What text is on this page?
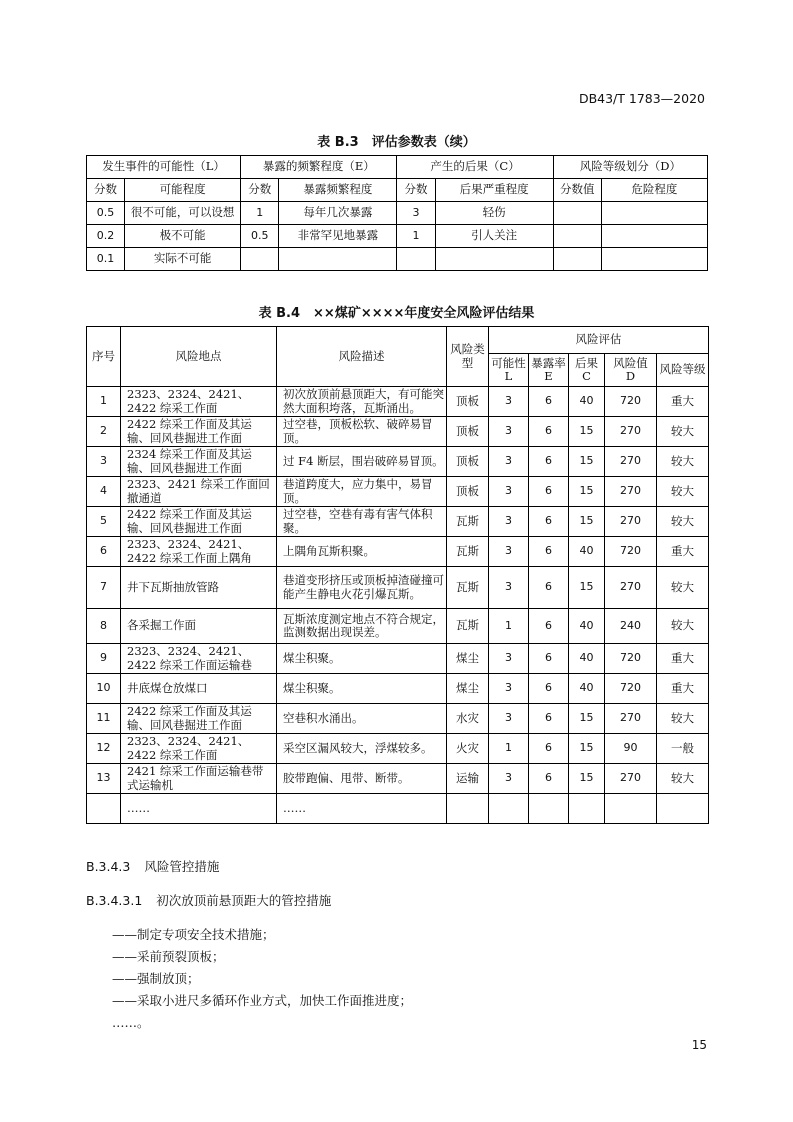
DB43/T 1783—2020
表 B.3　评估参数表（续）
发生事件的可能性（L）		暴露的频繁程度（E）		产生的后果（C）		风险等级划分（D）	
分数	可能程度	分数	暴露频繁程度	分数	后果严重程度	分数值	危险程度
0.5	很不可能，可以设想	1	每年几次暴露	3	轻伤		
0.2	极不可能	0.5	非常罕见地暴露	1	引人关注		
0.1	实际不可能						
表 B.4　××煤矿××××年度安全风险评估结果
序号	风险地点	风险描述	风险类型	风险评估				
				可能性 L	暴露率 E	后果 C	风险值 D	风险等级
1	2323、2324、2421、2422 综采工作面	初次放顶前悬顶距大，有可能突然大面积垮落，瓦斯涌出。	顶板	3	6	40	720	重大
2	2422 综采工作面及其运输、回风巷掘进工作面	过空巷，顶板松软、破碎易冒顶。	顶板	3	6	15	270	较大
3	2324 综采工作面及其运输、回风巷掘进工作面	过 F4 断层，围岩破碎易冒顶。	顶板	3	6	15	270	较大
4	2323、2421 综采工作面回撤通道	巷道跨度大，应力集中，易冒顶。	顶板	3	6	15	270	较大
5	2422 综采工作面及其运输、回风巷掘进工作面	过空巷，空巷有毒有害气体积聚。	瓦斯	3	6	15	270	较大
6	2323、2324、2421、2422 综采工作面上隅角	上隅角瓦斯积聚。	瓦斯	3	6	40	720	重大
7	井下瓦斯抽放管路	巷道变形挤压或顶板掉渣碰撞可能产生静电火花引爆瓦斯。	瓦斯	3	6	15	270	较大
8	各采掘工作面	瓦斯浓度测定地点不符合规定，监测数据出现误差。	瓦斯	1	6	40	240	较大
9	2323、2324、2421、2422 综采工作面运输巷	煤尘积聚。	煤尘	3	6	40	720	重大
10	井底煤仓放煤口	煤尘积聚。	煤尘	3	6	40	720	重大
11	2422 综采工作面及其运输、回风巷掘进工作面	空巷积水涌出。	水灾	3	6	15	270	较大
12	2323、2324、2421、2422 综采工作面	采空区漏风较大，浮煤较多。	火灾	1	6	15	90	一般
13	2421 综采工作面运输巷带式运输机	胶带跑偏、甩带、断带。	运输	3	6	15	270	较大
	……	……						
B.3.4.3 风险管控措施
B.3.4.3.1 初次放顶前悬顶距大的管控措施
——制定专项安全技术措施；
——采前预裂顶板；
——强制放顶；
——采取小进尺多循环作业方式，加快工作面推进度；
……。
15
